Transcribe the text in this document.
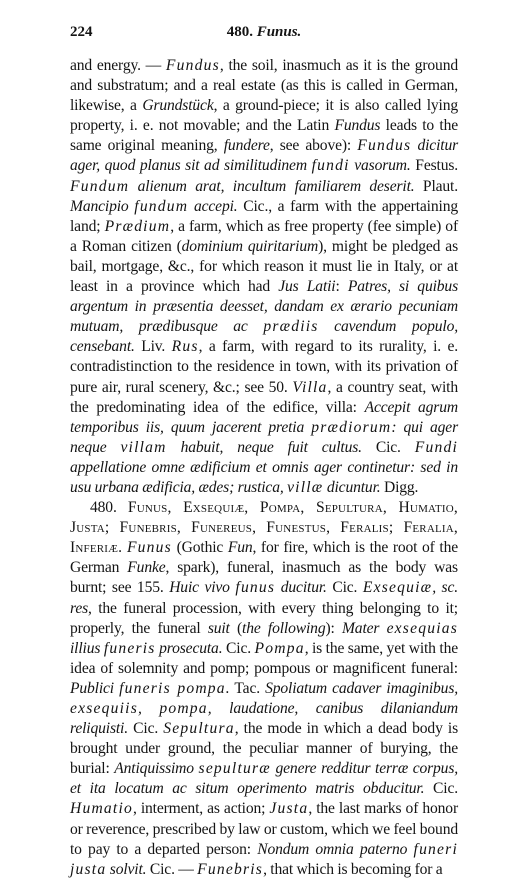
224	480. Funus.

and energy. — Fundus, the soil, inasmuch as it is the ground and substratum; and a real estate (as this is called in German, likewise, a Grundstück, a ground-piece; it is also called lying property, i. e. not movable; and the Latin Fundus leads to the same original meaning, fundere, see above): Fundus dicitur ager, quod planus sit ad similitudinem fundi vasorum. Festus. Fundum alienum arat, incultum familiarem deserit. Plaut. Mancipio fundum accepi. Cic., a farm with the appertaining land; Prædium, a farm, which as free property (fee simple) of a Roman citizen (dominium quiritarium), might be pledged as bail, mortgage, &c., for which reason it must lie in Italy, or at least in a province which had Jus Latii: Patres, si quibus argentum in præsentia deesset, dandam ex ærario pecuniam mutuam, prædibusque ac prædiis cavendum populo, censebant. Liv. Rus, a farm, with regard to its rurality, i. e. contradistinction to the residence in town, with its privation of pure air, rural scenery, &c.; see 50. Villa, a country seat, with the predominating idea of the edifice, villa: Accepit agrum temporibus iis, quum jacerent pretia prædiorum: qui ager neque villam habuit, neque fuit cultus. Cic. Fundi appellatione omne ædificium et omnis ager continetur: sed in usu urbana ædificia, ædes; rustica, villæ dicuntur. Digg.

480. Funus, Exsequiæ, Pompa, Sepultura, Humatio, Justa; Funebris, Funereus, Funestus, Feralis; Feralia, Inferiæ. Funus (Gothic Fun, for fire, which is the root of the German Funke, spark), funeral, inasmuch as the body was burnt; see 155. Huic vivo funus ducitur. Cic. Exsequiæ, sc. res, the funeral procession, with every thing belonging to it; properly, the funeral suit (the following): Mater exsequias illius funeris prosecuta. Cic. Pompa, is the same, yet with the idea of solemnity and pomp; pompous or magnificent funeral: Publici funeris pompa. Tac. Spoliatum cadaver imaginibus, exsequiis, pompa, laudatione, canibus dilaniandum reliquisti. Cic. Sepultura, the mode in which a dead body is brought under ground, the peculiar manner of burying, the burial: Antiquissimo sepulturæ genere redditur terræ corpus, et ita locatum ac situm operimento matris obducitur. Cic. Humatio, interment, as action; Justa, the last marks of honor or reverence, prescribed by law or custom, which we feel bound to pay to a departed person: Nondum omnia paterno funeri justa solvit. Cic. — Funebris, that which is becoming for a
